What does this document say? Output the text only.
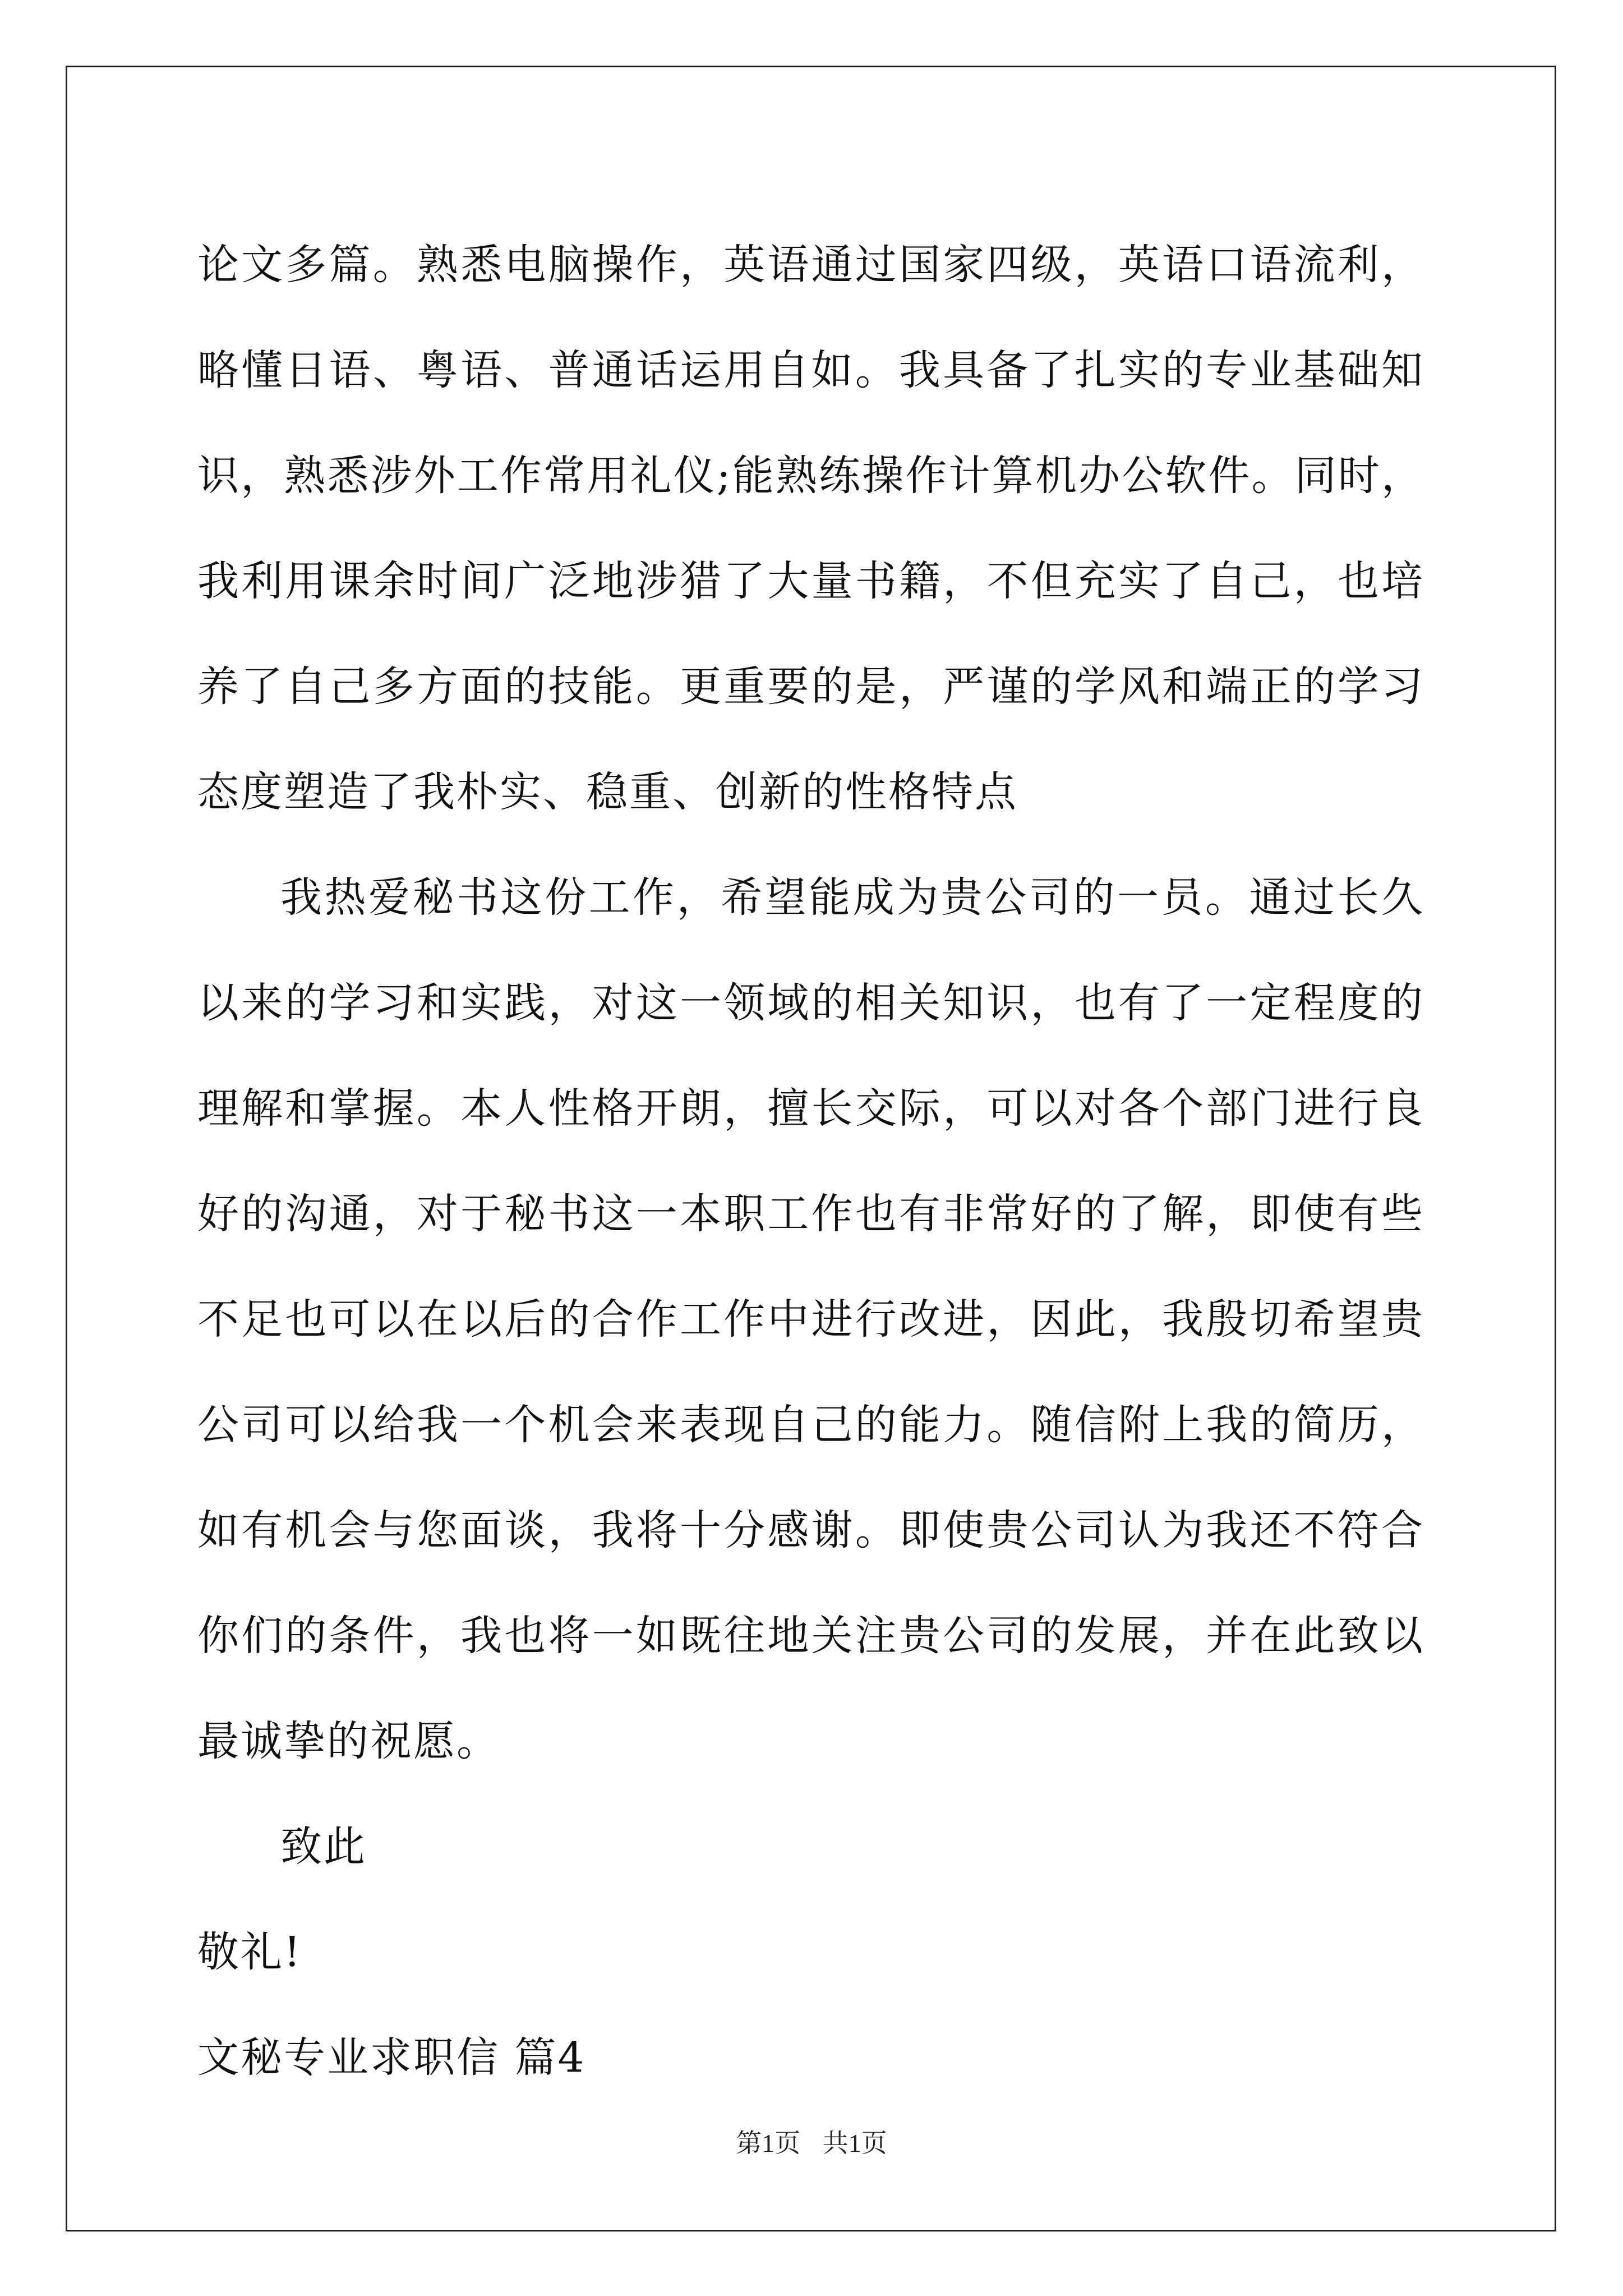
论文多篇。熟悉电脑操作，英语通过国家四级，英语口语流利，略懂日语、粤语、普通话运用自如。我具备了扎实的专业基础知识，熟悉涉外工作常用礼仪;能熟练操作计算机办公软件。同时，我利用课余时间广泛地涉猎了大量书籍，不但充实了自己，也培养了自己多方面的技能。更重要的是，严谨的学风和端正的学习态度塑造了我朴实、稳重、创新的性格特点

我热爱秘书这份工作，希望能成为贵公司的一员。通过长久以来的学习和实践，对这一领域的相关知识，也有了一定程度的理解和掌握。本人性格开朗，擅长交际，可以对各个部门进行良好的沟通，对于秘书这一本职工作也有非常好的了解，即使有些不足也可以在以后的合作工作中进行改进，因此，我殷切希望贵公司可以给我一个机会来表现自己的能力。随信附上我的简历，如有机会与您面谈，我将十分感谢。即使贵公司认为我还不符合你们的条件，我也将一如既往地关注贵公司的发展，并在此致以最诚挚的祝愿。

致此

敬礼!

文秘专业求职信 篇4

第1页 共1页
